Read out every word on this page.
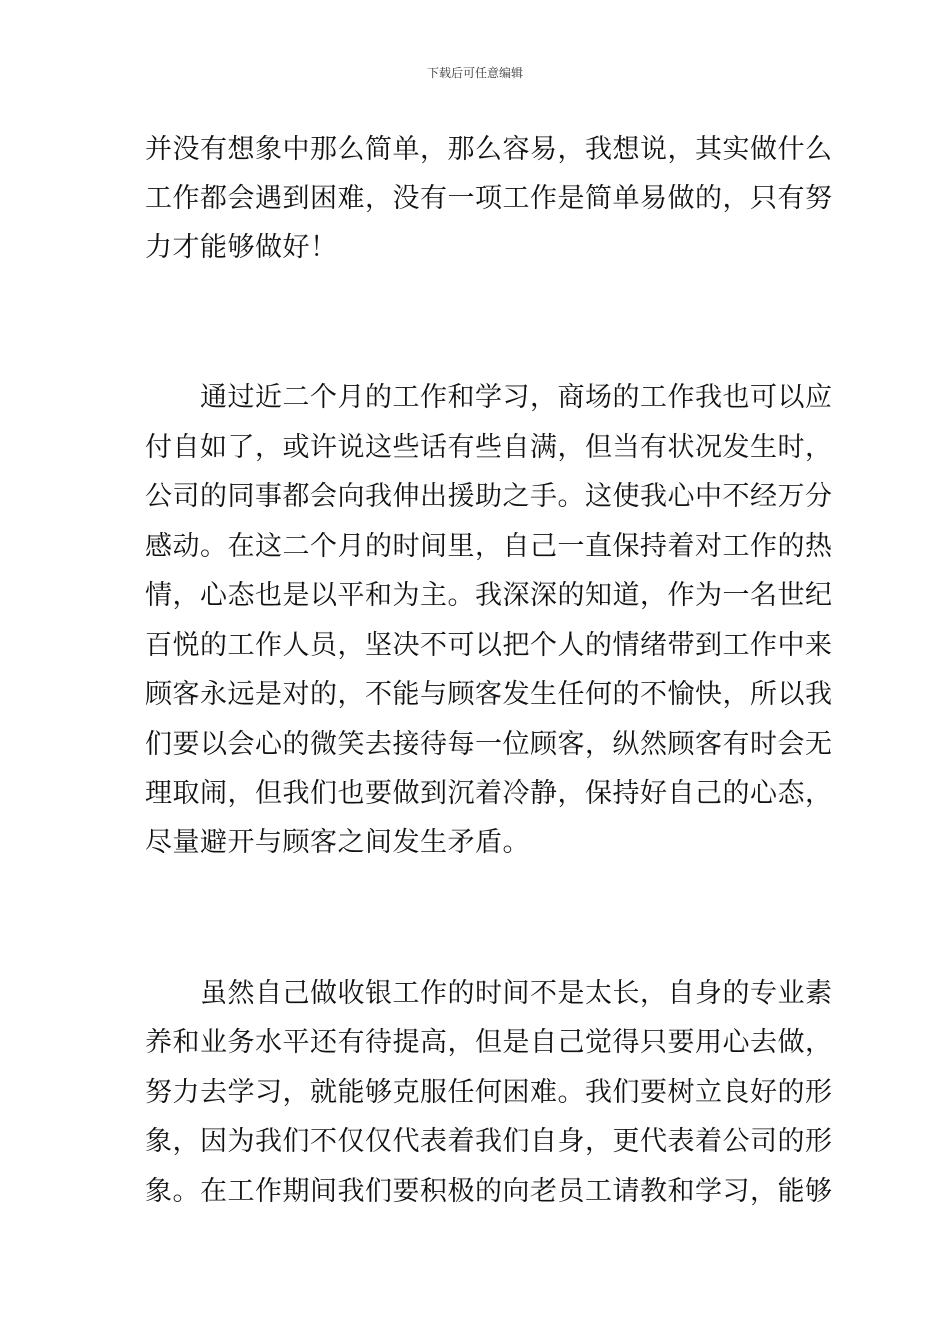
下载后可任意编辑
并没有想象中那么简单，那么容易，我想说，其实做什么
工作都会遇到困难，没有一项工作是简单易做的，只有努
力才能够做好！
　　通过近二个月的工作和学习，商场的工作我也可以应
付自如了，或许说这些话有些自满，但当有状况发生时，
公司的同事都会向我伸出援助之手。这使我心中不经万分
感动。在这二个月的时间里，自己一直保持着对工作的热
情，心态也是以平和为主。我深深的知道，作为一名世纪
百悦的工作人员，坚决不可以把个人的情绪带到工作中来
顾客永远是对的，不能与顾客发生任何的不愉快，所以我
们要以会心的微笑去接待每一位顾客，纵然顾客有时会无
理取闹，但我们也要做到沉着冷静，保持好自己的心态，
尽量避开与顾客之间发生矛盾。
　　虽然自己做收银工作的时间不是太长，自身的专业素
养和业务水平还有待提高，但是自己觉得只要用心去做，
努力去学习，就能够克服任何困难。我们要树立良好的形
象，因为我们不仅仅代表着我们自身，更代表着公司的形
象。在工作期间我们要积极的向老员工请教和学习，能够
